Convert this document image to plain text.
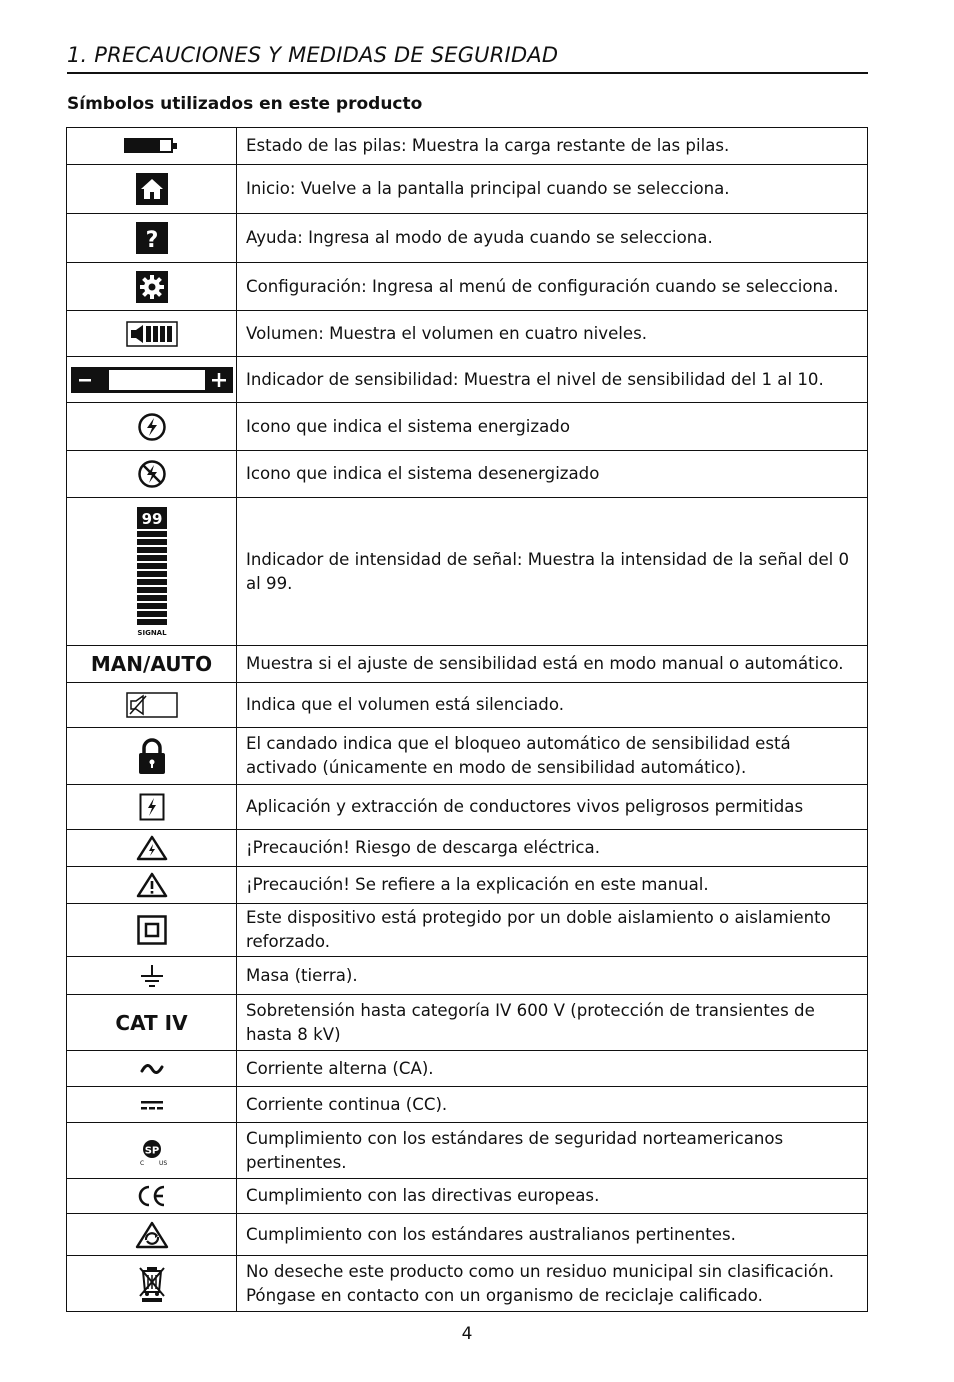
1. PRECAUCIONES Y MEDIDAS DE SEGURIDAD
Símbolos utilizados en este producto
	Estado de las pilas: Muestra la carga restante de las pilas.

	Inicio: Vuelve a la pantalla principal cuando se selecciona.

?	Ayuda: Ingresa al modo de ayuda cuando se selecciona.

	Configuración: Ingresa al menú de configuración cuando se selecciona.

	Volumen: Muestra el volumen en cuatro niveles.

	Indicador de sensibilidad: Muestra el nivel de sensibilidad del 1 al 10.

	Icono que indica el sistema energizado

	Icono que indica el sistema desenergizado

99
SIGNAL	Indicador de intensidad de señal: Muestra la intensidad de la señal del 0 al 99.
MAN/AUTO	Muestra si el ajuste de sensibilidad está en modo manual o automático.

	Indica que el volumen está silenciado.

	El candado indica que el bloqueo automático de sensibilidad está activado (únicamente en modo de sensibilidad automático).

	Aplicación y extracción de conductores vivos peligrosos permitidas

	¡Precaución! Riesgo de descarga eléctrica.

	¡Precaución! Se refiere a la explicación en este manual.

	Este dispositivo está protegido por un doble aislamiento o aislamiento reforzado.

	Masa (tierra).
CAT IV	Sobretensión hasta categoría IV 600 V (protección de transientes de hasta 8 kV)

	Corriente alterna (CA).

	Corriente continua (CC).

SP
C US	Cumplimiento con los estándares de seguridad norteamericanos pertinentes.

	Cumplimiento con las directivas europeas.

	Cumplimiento con los estándares australianos pertinentes.

	No deseche este producto como un residuo municipal sin clasificación. Póngase en contacto con un organismo de reciclaje calificado.
4
